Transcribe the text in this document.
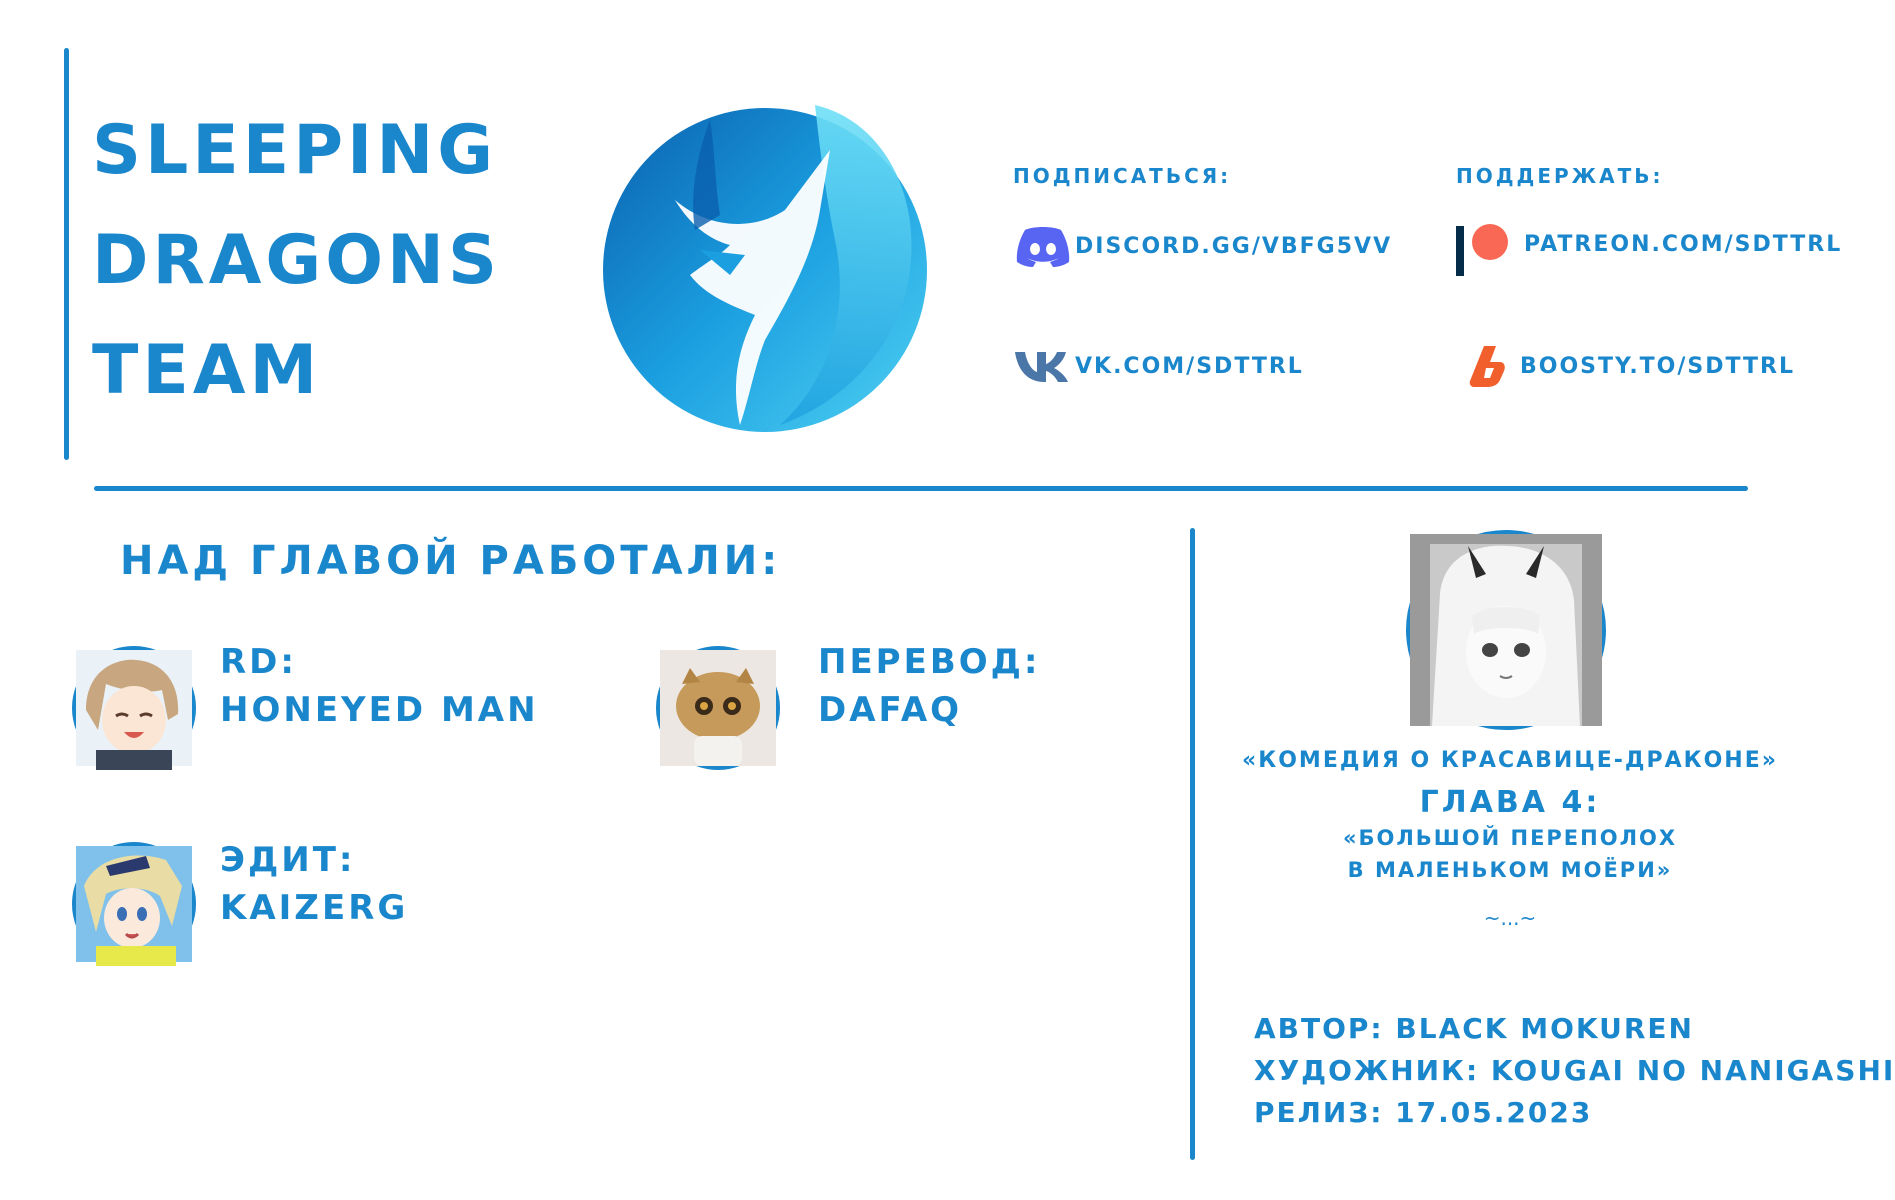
SLEEPING
DRAGONS
TEAM
ПОДПИСАТЬСЯ:
DISCORD.GG/VBFG5VV
VK.COM/SDTTRL
ПОДДЕРЖАТЬ:
PATREON.COM/SDTTRL
BOOSTY.TO/SDTTRL
НАД ГЛАВОЙ РАБОТАЛИ:
RD:
HONEYED MAN
ПЕРЕВОД:
DAFAQ
ЭДИТ:
KAIZERG
«КОМЕДИЯ О КРАСАВИЦЕ-ДРАКОНЕ»
ГЛАВА 4:
«БОЛЬШОЙ ПЕРЕПОЛОХ
В МАЛЕНЬКОМ МОЁРИ»
~...~
АВТОР: BLACK MOKUREN
ХУДОЖНИК: KOUGAI NO NANIGASHI
РЕЛИЗ: 17.05.2023
